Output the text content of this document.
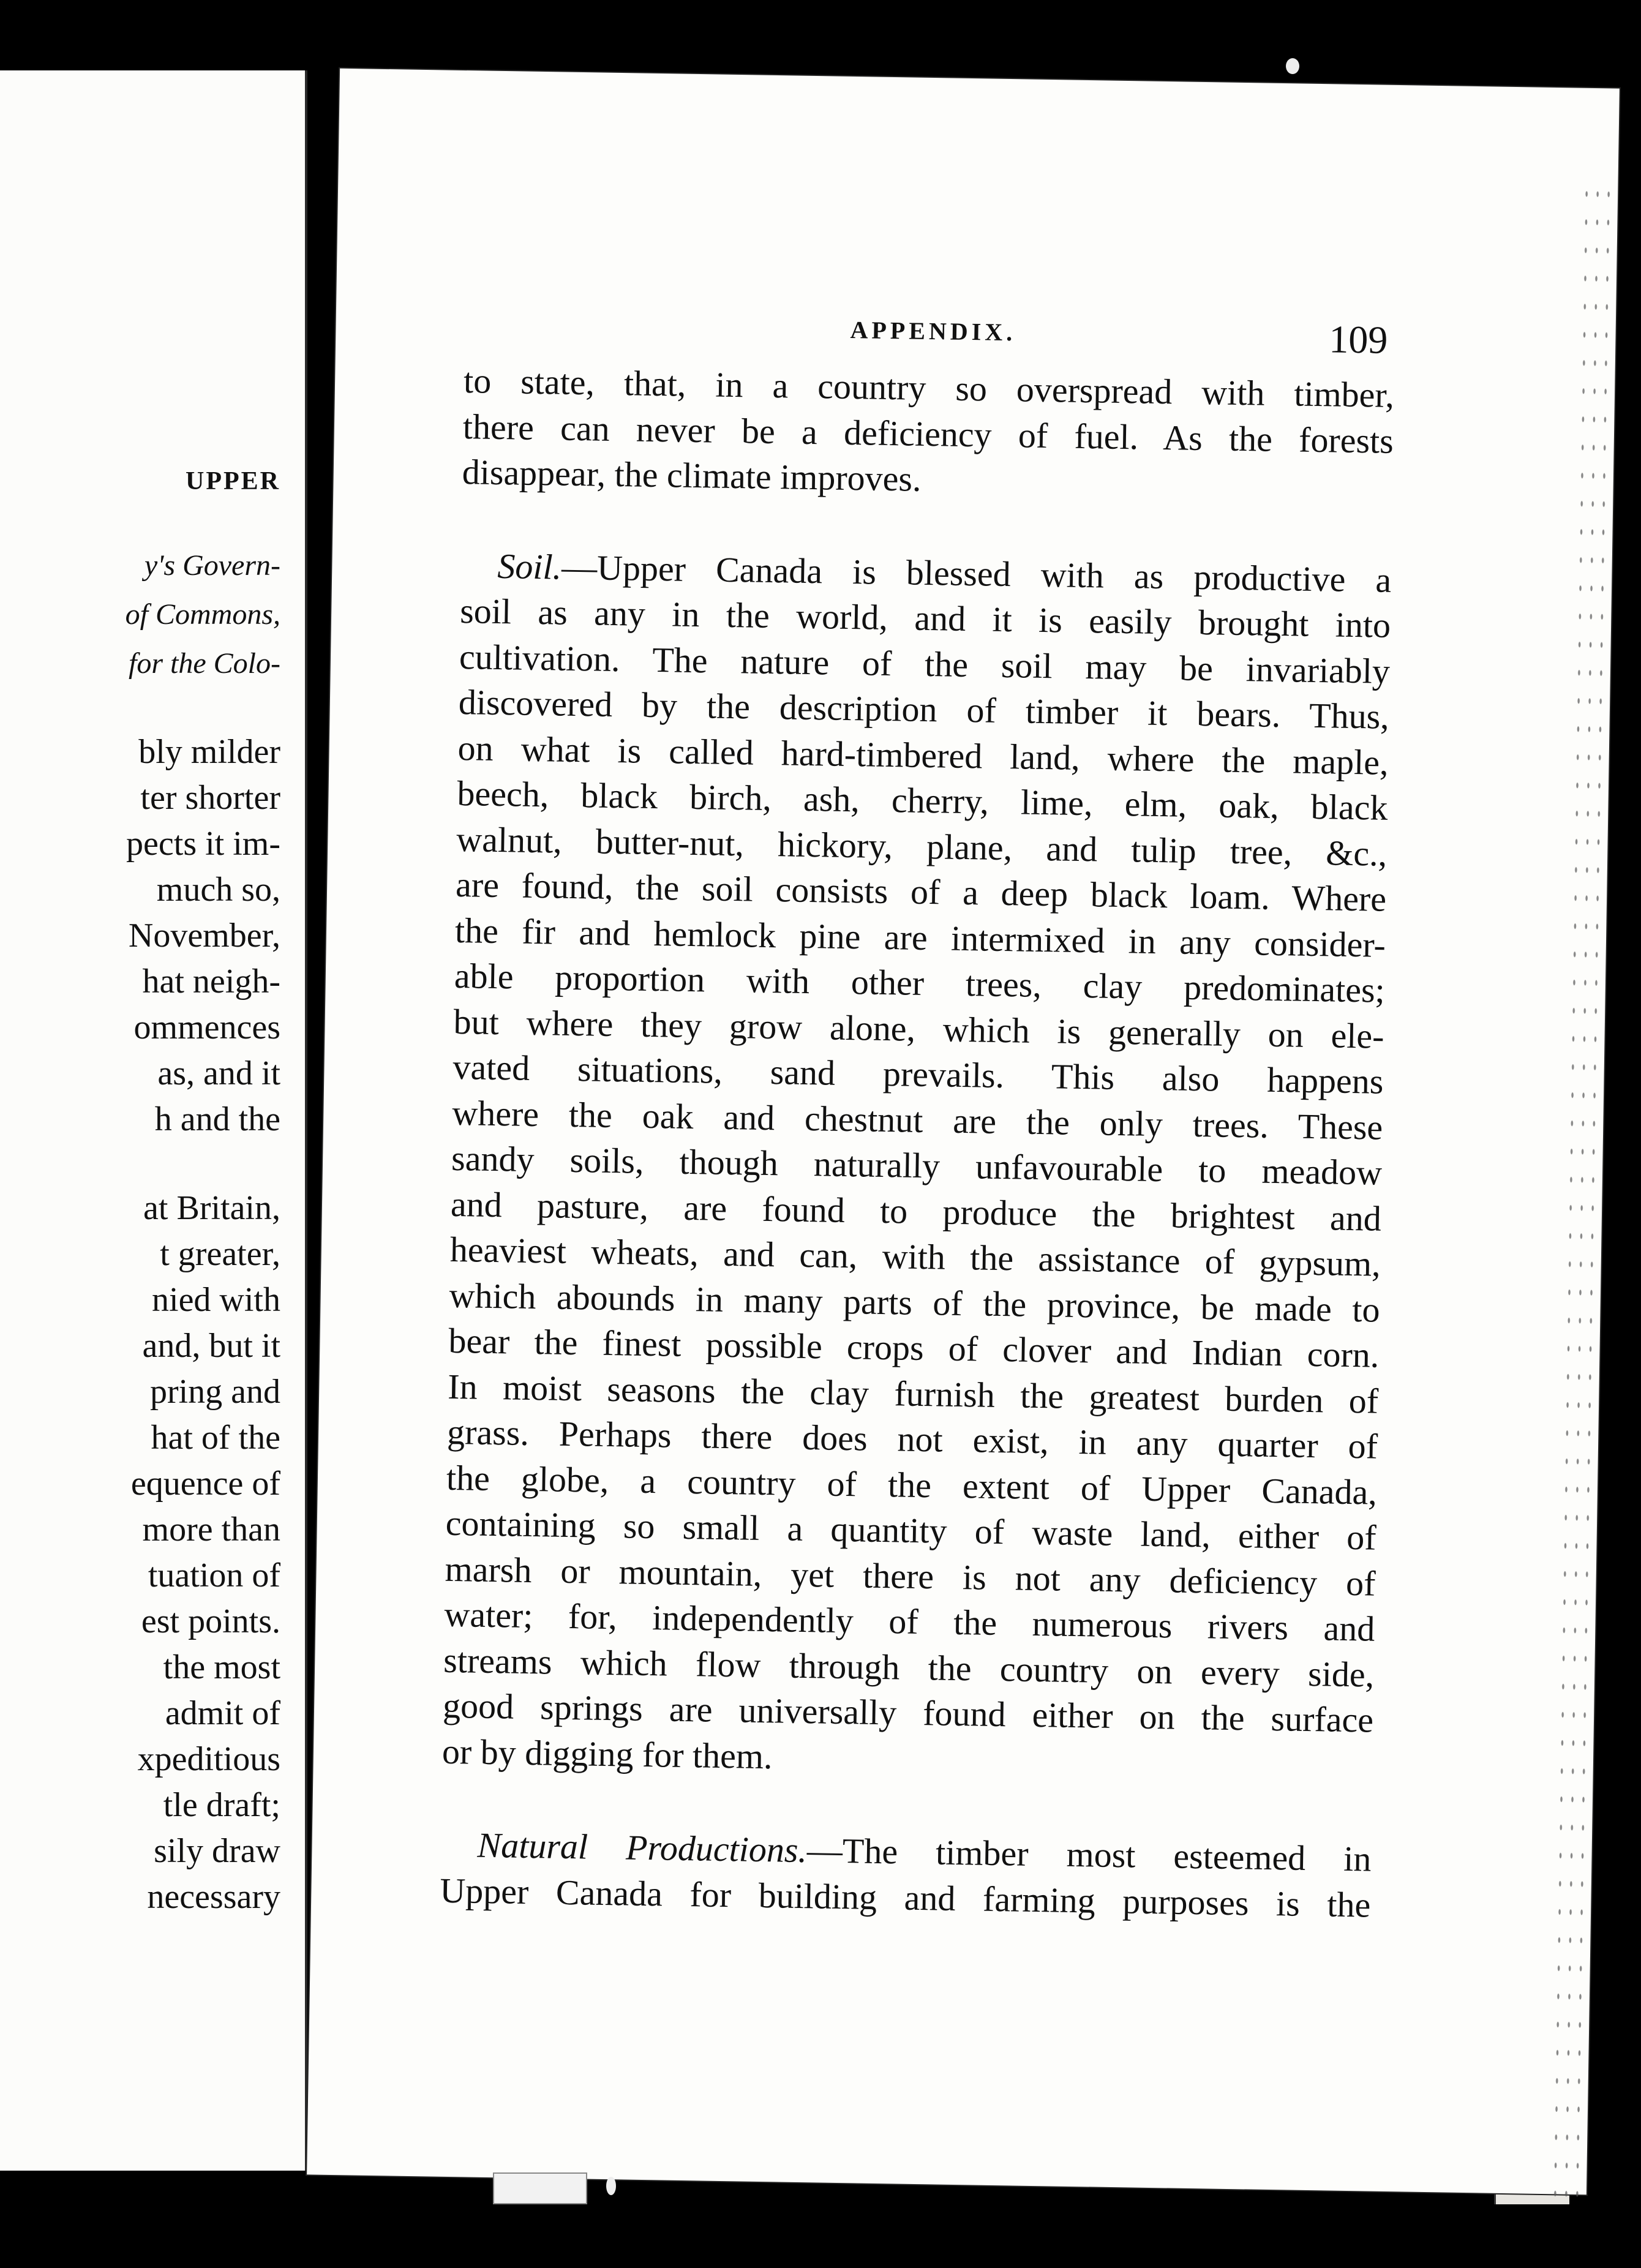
UPPER
y's Govern-
of Commons,
for the Colo-
bly milder
ter shorter
pects it im-
much so,
November,
hat neigh-
ommences
as, and it
h and the
at Britain,
t greater,
nied with
and, but it
pring and
hat of the
equence of
more than
tuation of
est points.
the most
admit of
xpeditious
tle draft;
sily draw
necessary
APPENDIX.	109
to state, that, in a country so overspread with timber,
there can never be a deficiency of fuel. As the forests
disappear, the climate improves.
Soil.—Upper Canada is blessed with as productive a
soil as any in the world, and it is easily brought into
cultivation. The nature of the soil may be invariably
discovered by the description of timber it bears. Thus,
on what is called hard-timbered land, where the maple,
beech, black birch, ash, cherry, lime, elm, oak, black
walnut, butter-nut, hickory, plane, and tulip tree, &c.,
are found, the soil consists of a deep black loam. Where
the fir and hemlock pine are intermixed in any consider-
able proportion with other trees, clay predominates;
but where they grow alone, which is generally on ele-
vated situations, sand prevails. This also happens
where the oak and chestnut are the only trees. These
sandy soils, though naturally unfavourable to meadow
and pasture, are found to produce the brightest and
heaviest wheats, and can, with the assistance of gypsum,
which abounds in many parts of the province, be made to
bear the finest possible crops of clover and Indian corn.
In moist seasons the clay furnish the greatest burden of
grass. Perhaps there does not exist, in any quarter of
the globe, a country of the extent of Upper Canada,
containing so small a quantity of waste land, either of
marsh or mountain, yet there is not any deficiency of
water; for, independently of the numerous rivers and
streams which flow through the country on every side,
good springs are universally found either on the surface
or by digging for them.
Natural Productions.—The timber most esteemed in
Upper Canada for building and farming purposes is the
